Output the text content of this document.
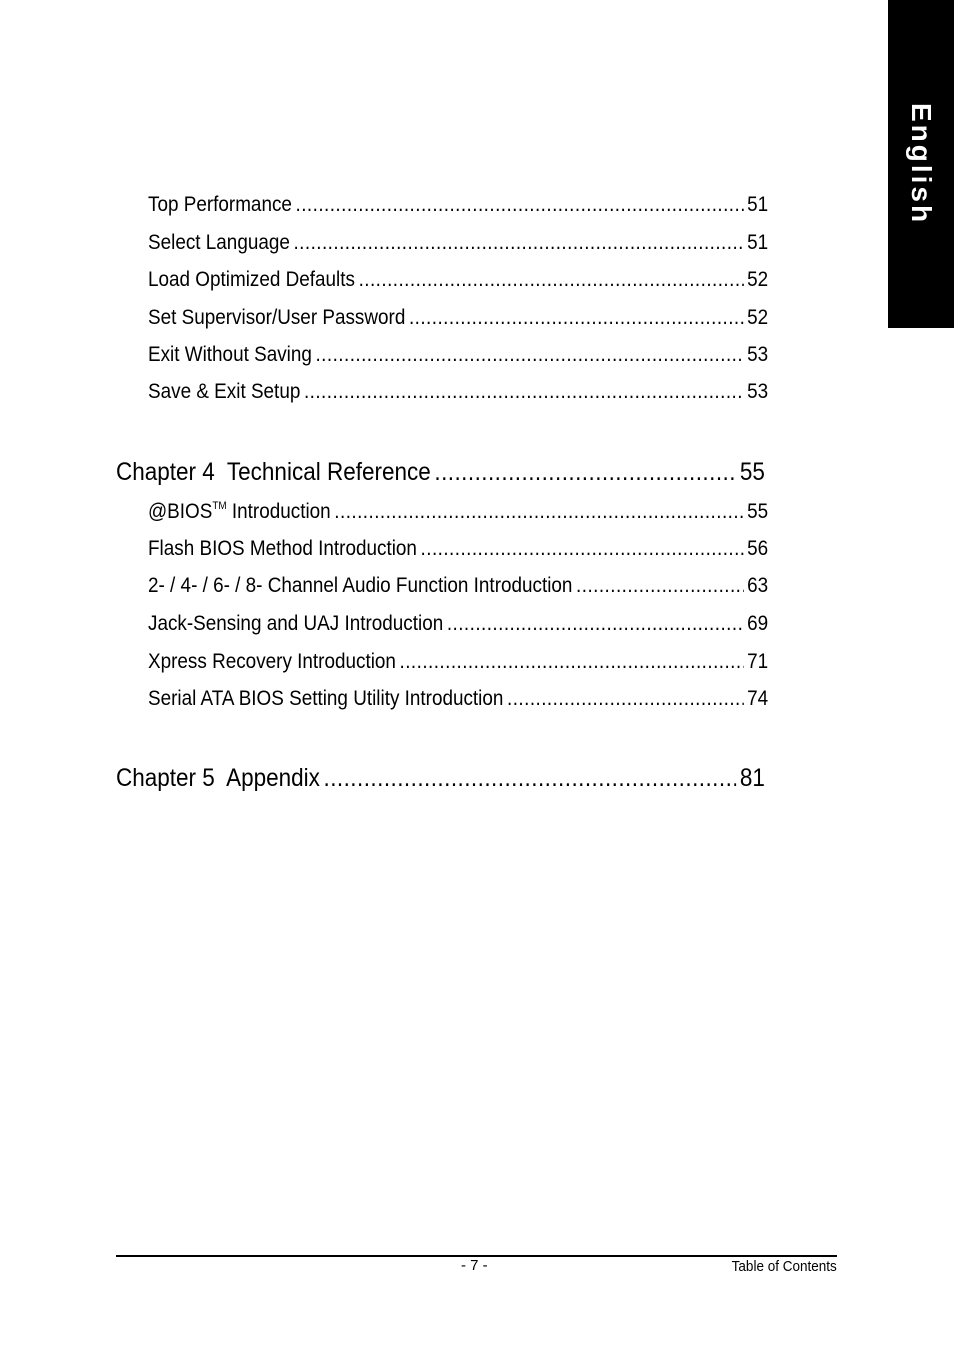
English
Top Performance .....	51
Select Language .....	51
Load Optimized Defaults .....	52
Set Supervisor/User Password .....	52
Exit Without Saving .....	53
Save & Exit Setup .....	53
Chapter 4  Technical Reference .....	55
@BIOS™ Introduction .....	55
Flash BIOS Method Introduction .....	56
2- / 4- / 6- / 8- Channel Audio Function Introduction .....	63
Jack-Sensing and UAJ Introduction .....	69
Xpress Recovery Introduction .....	71
Serial ATA BIOS Setting Utility Introduction .....	74
Chapter 5  Appendix .....	81
- 7 -	Table of Contents
